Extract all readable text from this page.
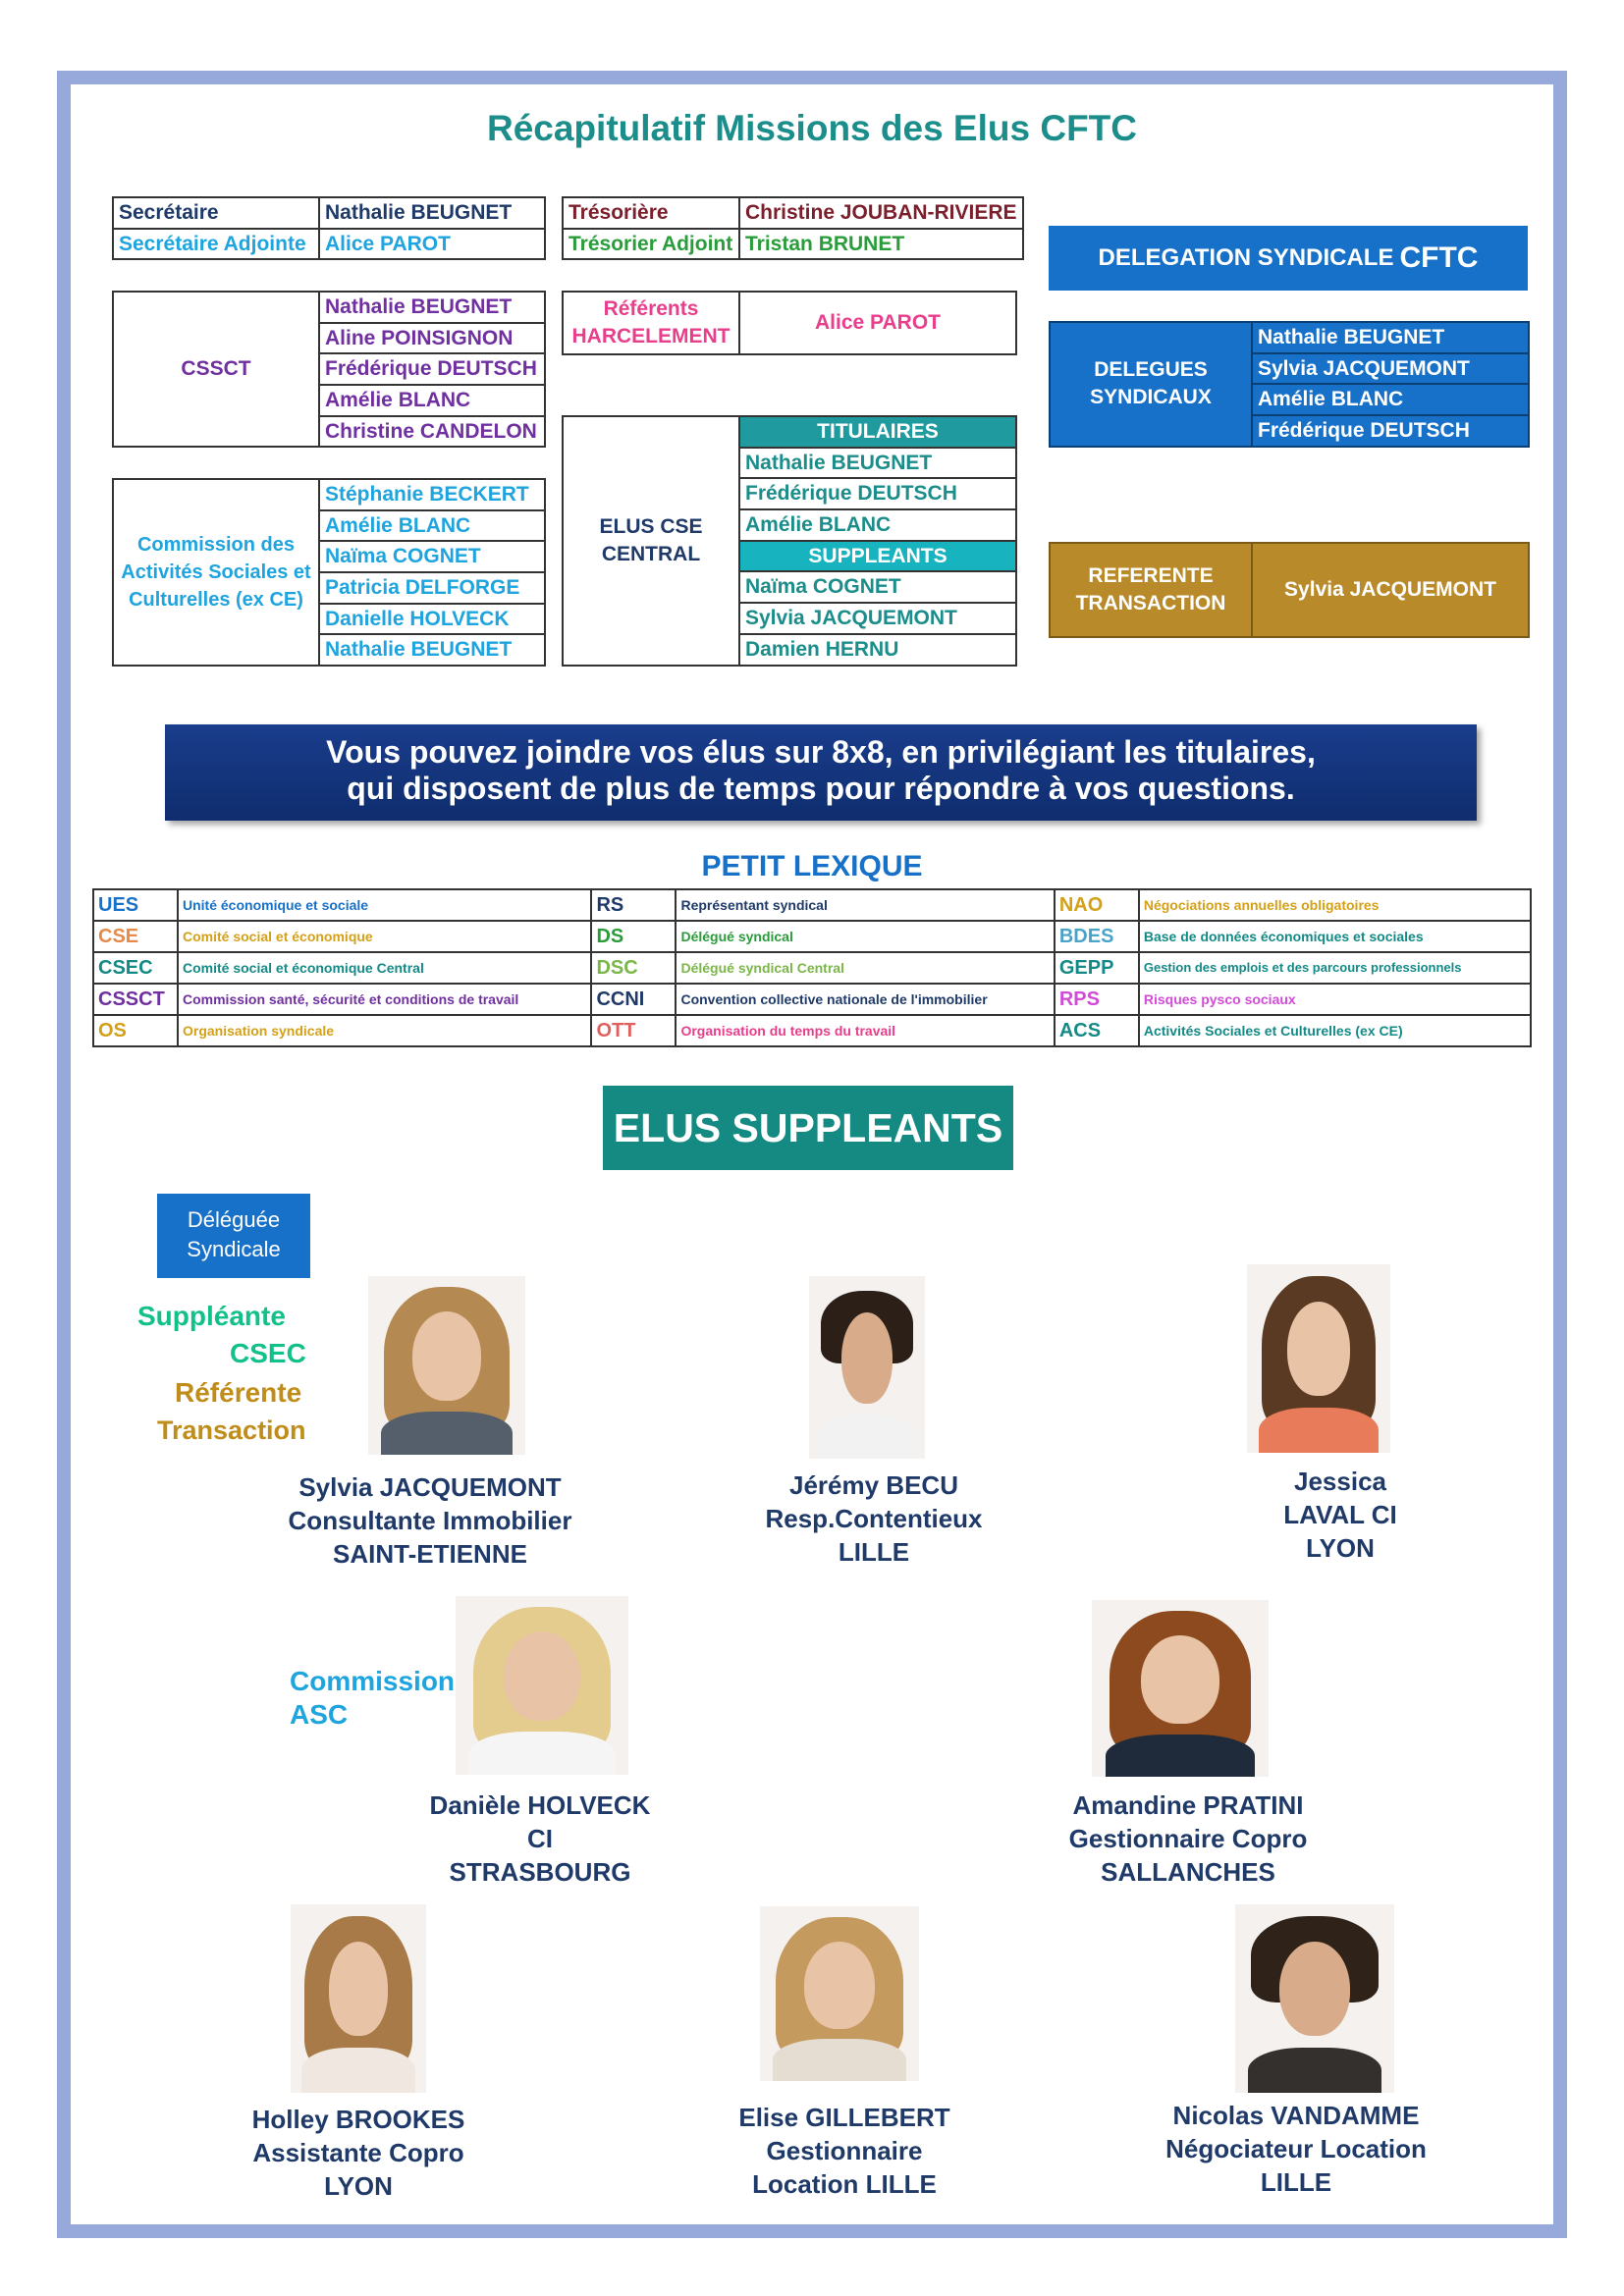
Récapitulatif Missions des Elus CFTC
Secrétaire	Nathalie BEUGNET
Secrétaire Adjointe	Alice PAROT
Trésorière	Christine JOUBAN-RIVIERE
Trésorier Adjoint	Tristan BRUNET
CSSCT	Nathalie BEUGNET
Aline POINSIGNON
Frédérique DEUTSCH
Amélie BLANC
Christine CANDELON
Référents
HARCELEMENT
	Alice PAROT
Commission des
Activités Sociales et
Culturelles (ex CE)
	Stéphanie BECKERT
Amélie BLANC
Naïma COGNET
Patricia DELFORGE
Danielle HOLVECK
Nathalie BEUGNET
ELUS CSE
CENTRAL
	TITULAIRES
Nathalie BEUGNET
Frédérique DEUTSCH
Amélie BLANC
SUPPLEANTS
Naïma COGNET
Sylvia JACQUEMONT
Damien HERNU
DELEGATION SYNDICALE CFTC
DELEGUES
SYNDICAUX
	Nathalie BEUGNET
Sylvia JACQUEMONT
Amélie BLANC
Frédérique DEUTSCH
REFERENTE
TRANSACTION
	Sylvia JACQUEMONT
Vous pouvez joindre vos élus sur 8x8, en privilégiant les titulaires,
qui disposent de plus de temps pour répondre à vos questions.
PETIT LEXIQUE
UES	Unité économique et sociale	RS	Représentant syndical	NAO	Négociations annuelles obligatoires
CSE	Comité social et économique	DS	Délégué syndical	BDES	Base de données économiques et sociales
CSEC	Comité social et économique Central	DSC	Délégué syndical Central	GEPP	Gestion des emplois et des parcours professionnels
CSSCT	Commission santé, sécurité et conditions de travail	CCNI	Convention collective nationale de l'immobilier	RPS	Risques pysco sociaux
OS	Organisation syndicale	OTT	Organisation du temps du travail	ACS	Activités Sociales et Culturelles (ex CE)
ELUS SUPPLEANTS
Déléguée
Syndicale
Suppléante
CSEC
Référente
Transaction
Commission
ASC
Sylvia JACQUEMONT
Consultante Immobilier
SAINT-ETIENNE
Jérémy BECU
Resp.Contentieux
LILLE
Jessica
LAVAL CI
LYON
Danièle HOLVECK
CI
STRASBOURG
Amandine PRATINI
Gestionnaire Copro
SALLANCHES
Holley BROOKES
Assistante Copro
LYON
Elise GILLEBERT
Gestionnaire
Location LILLE
Nicolas VANDAMME
Négociateur Location
LILLE
